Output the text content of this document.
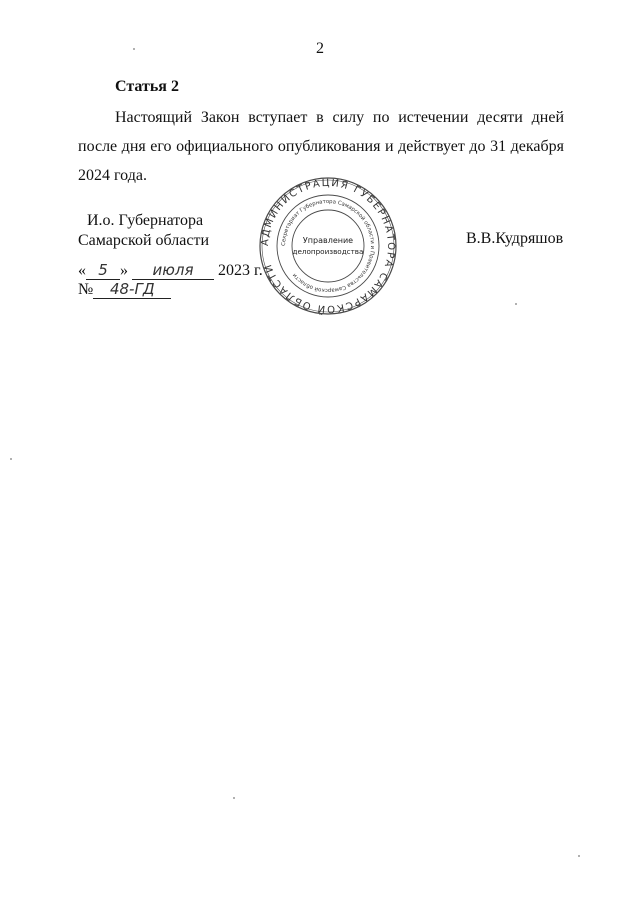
2
Статья 2
Настоящий Закон вступает в силу по истечении десяти дней после дня его официального опубликования и действует до 31 декабря 2024 года.
И.о. Губернатора
Самарской области	В.В.Кудряшов
« 5 » июля 2023 г.
№ 48-ГД
АДМИНИСТРАЦИЯ ГУБЕРНАТОРА САМАРСКОЙ ОБЛАСТИ
Секретариат Губернатора Самарской области и Правительства Самарской области
Управление
делопроизводства
